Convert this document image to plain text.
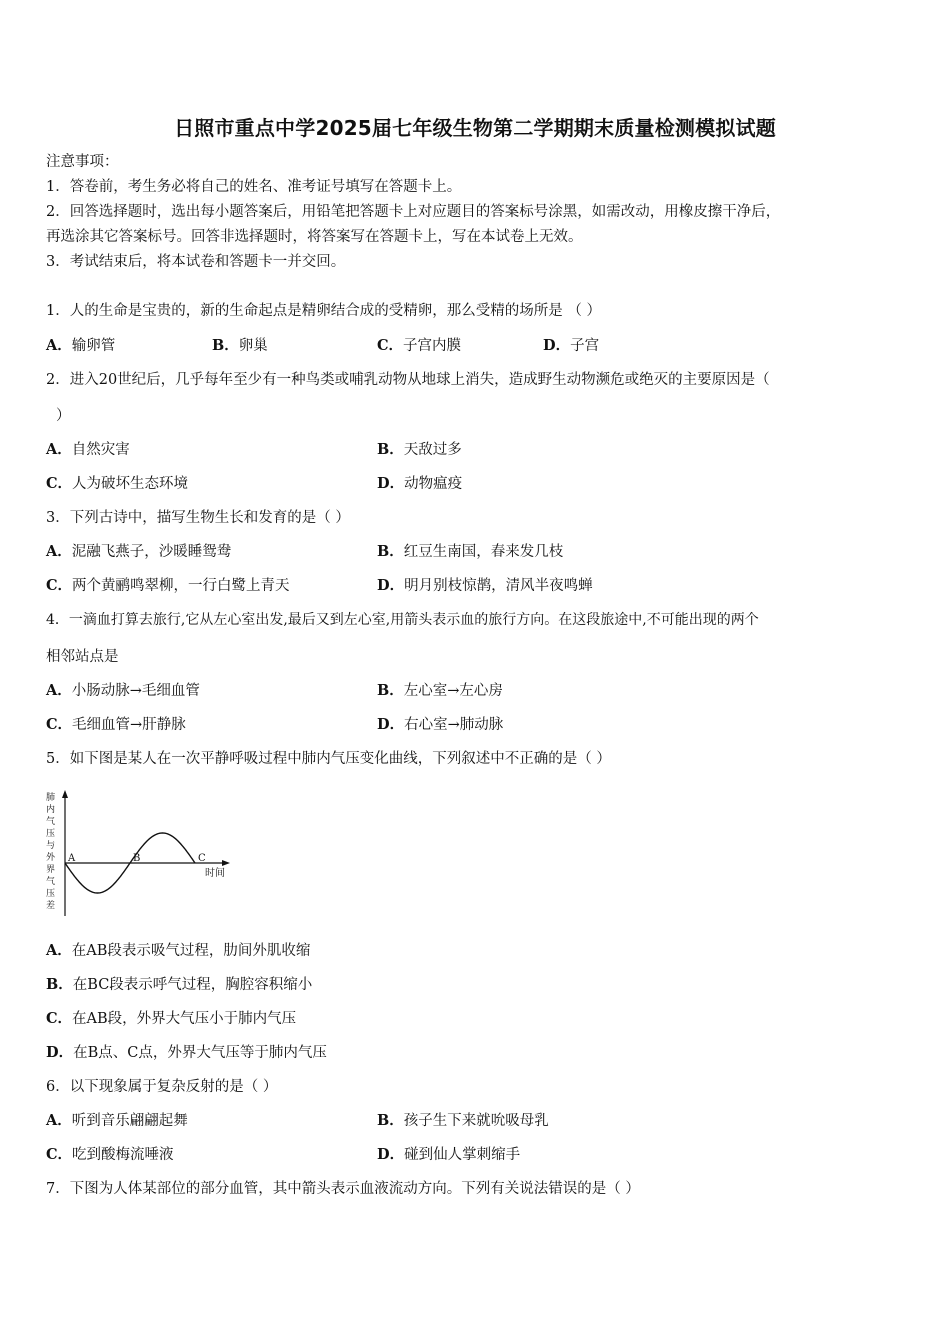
日照市重点中学2025届七年级生物第二学期期末质量检测模拟试题
注意事项：
1．答卷前，考生务必将自己的姓名、准考证号填写在答题卡上。
2．回答选择题时，选出每小题答案后，用铅笔把答题卡上对应题目的答案标号涂黑，如需改动，用橡皮擦干净后，
再选涂其它答案标号。回答非选择题时，将答案写在答题卡上，写在本试卷上无效。
3．考试结束后，将本试卷和答题卡一并交回。
1．人的生命是宝贵的，新的生命起点是精卵结合成的受精卵，那么受精的场所是 （ ）
A．输卵管	B．卵巢	C．子宫内膜	D．子宫
2．进入20世纪后，几乎每年至少有一种鸟类或哺乳动物从地球上消失，造成野生动物濒危或绝灭的主要原因是（
）
A．自然灾害	B．天敌过多
C．人为破坏生态环境	D．动物瘟疫
3．下列古诗中，描写生物生长和发育的是（ ）
A．泥融飞燕子，沙暖睡鸳鸯	B．红豆生南国，春来发几枝
C．两个黄鹂鸣翠柳，一行白鹭上青天	D．明月别枝惊鹊，清风半夜鸣蝉
4．一滴血打算去旅行,它从左心室出发,最后又到左心室,用箭头表示血的旅行方向。在这段旅途中,不可能出现的两个
相邻站点是
A．小肠动脉→毛细血管	B．左心室→左心房
C．毛细血管→肝静脉	D．右心室→肺动脉
5．如下图是某人在一次平静呼吸过程中肺内气压变化曲线，下列叙述中不正确的是（ ）
肺内气压与外界气压差
A	B	C
时间
A．在AB段表示吸气过程，肋间外肌收缩
B．在BC段表示呼气过程，胸腔容积缩小
C．在AB段，外界大气压小于肺内气压
D．在B点、C点，外界大气压等于肺内气压
6．以下现象属于复杂反射的是（ ）
A．听到音乐翩翩起舞	B．孩子生下来就吮吸母乳
C．吃到酸梅流唾液	D．碰到仙人掌刺缩手
7．下图为人体某部位的部分血管，其中箭头表示血液流动方向。下列有关说法错误的是（ ）
